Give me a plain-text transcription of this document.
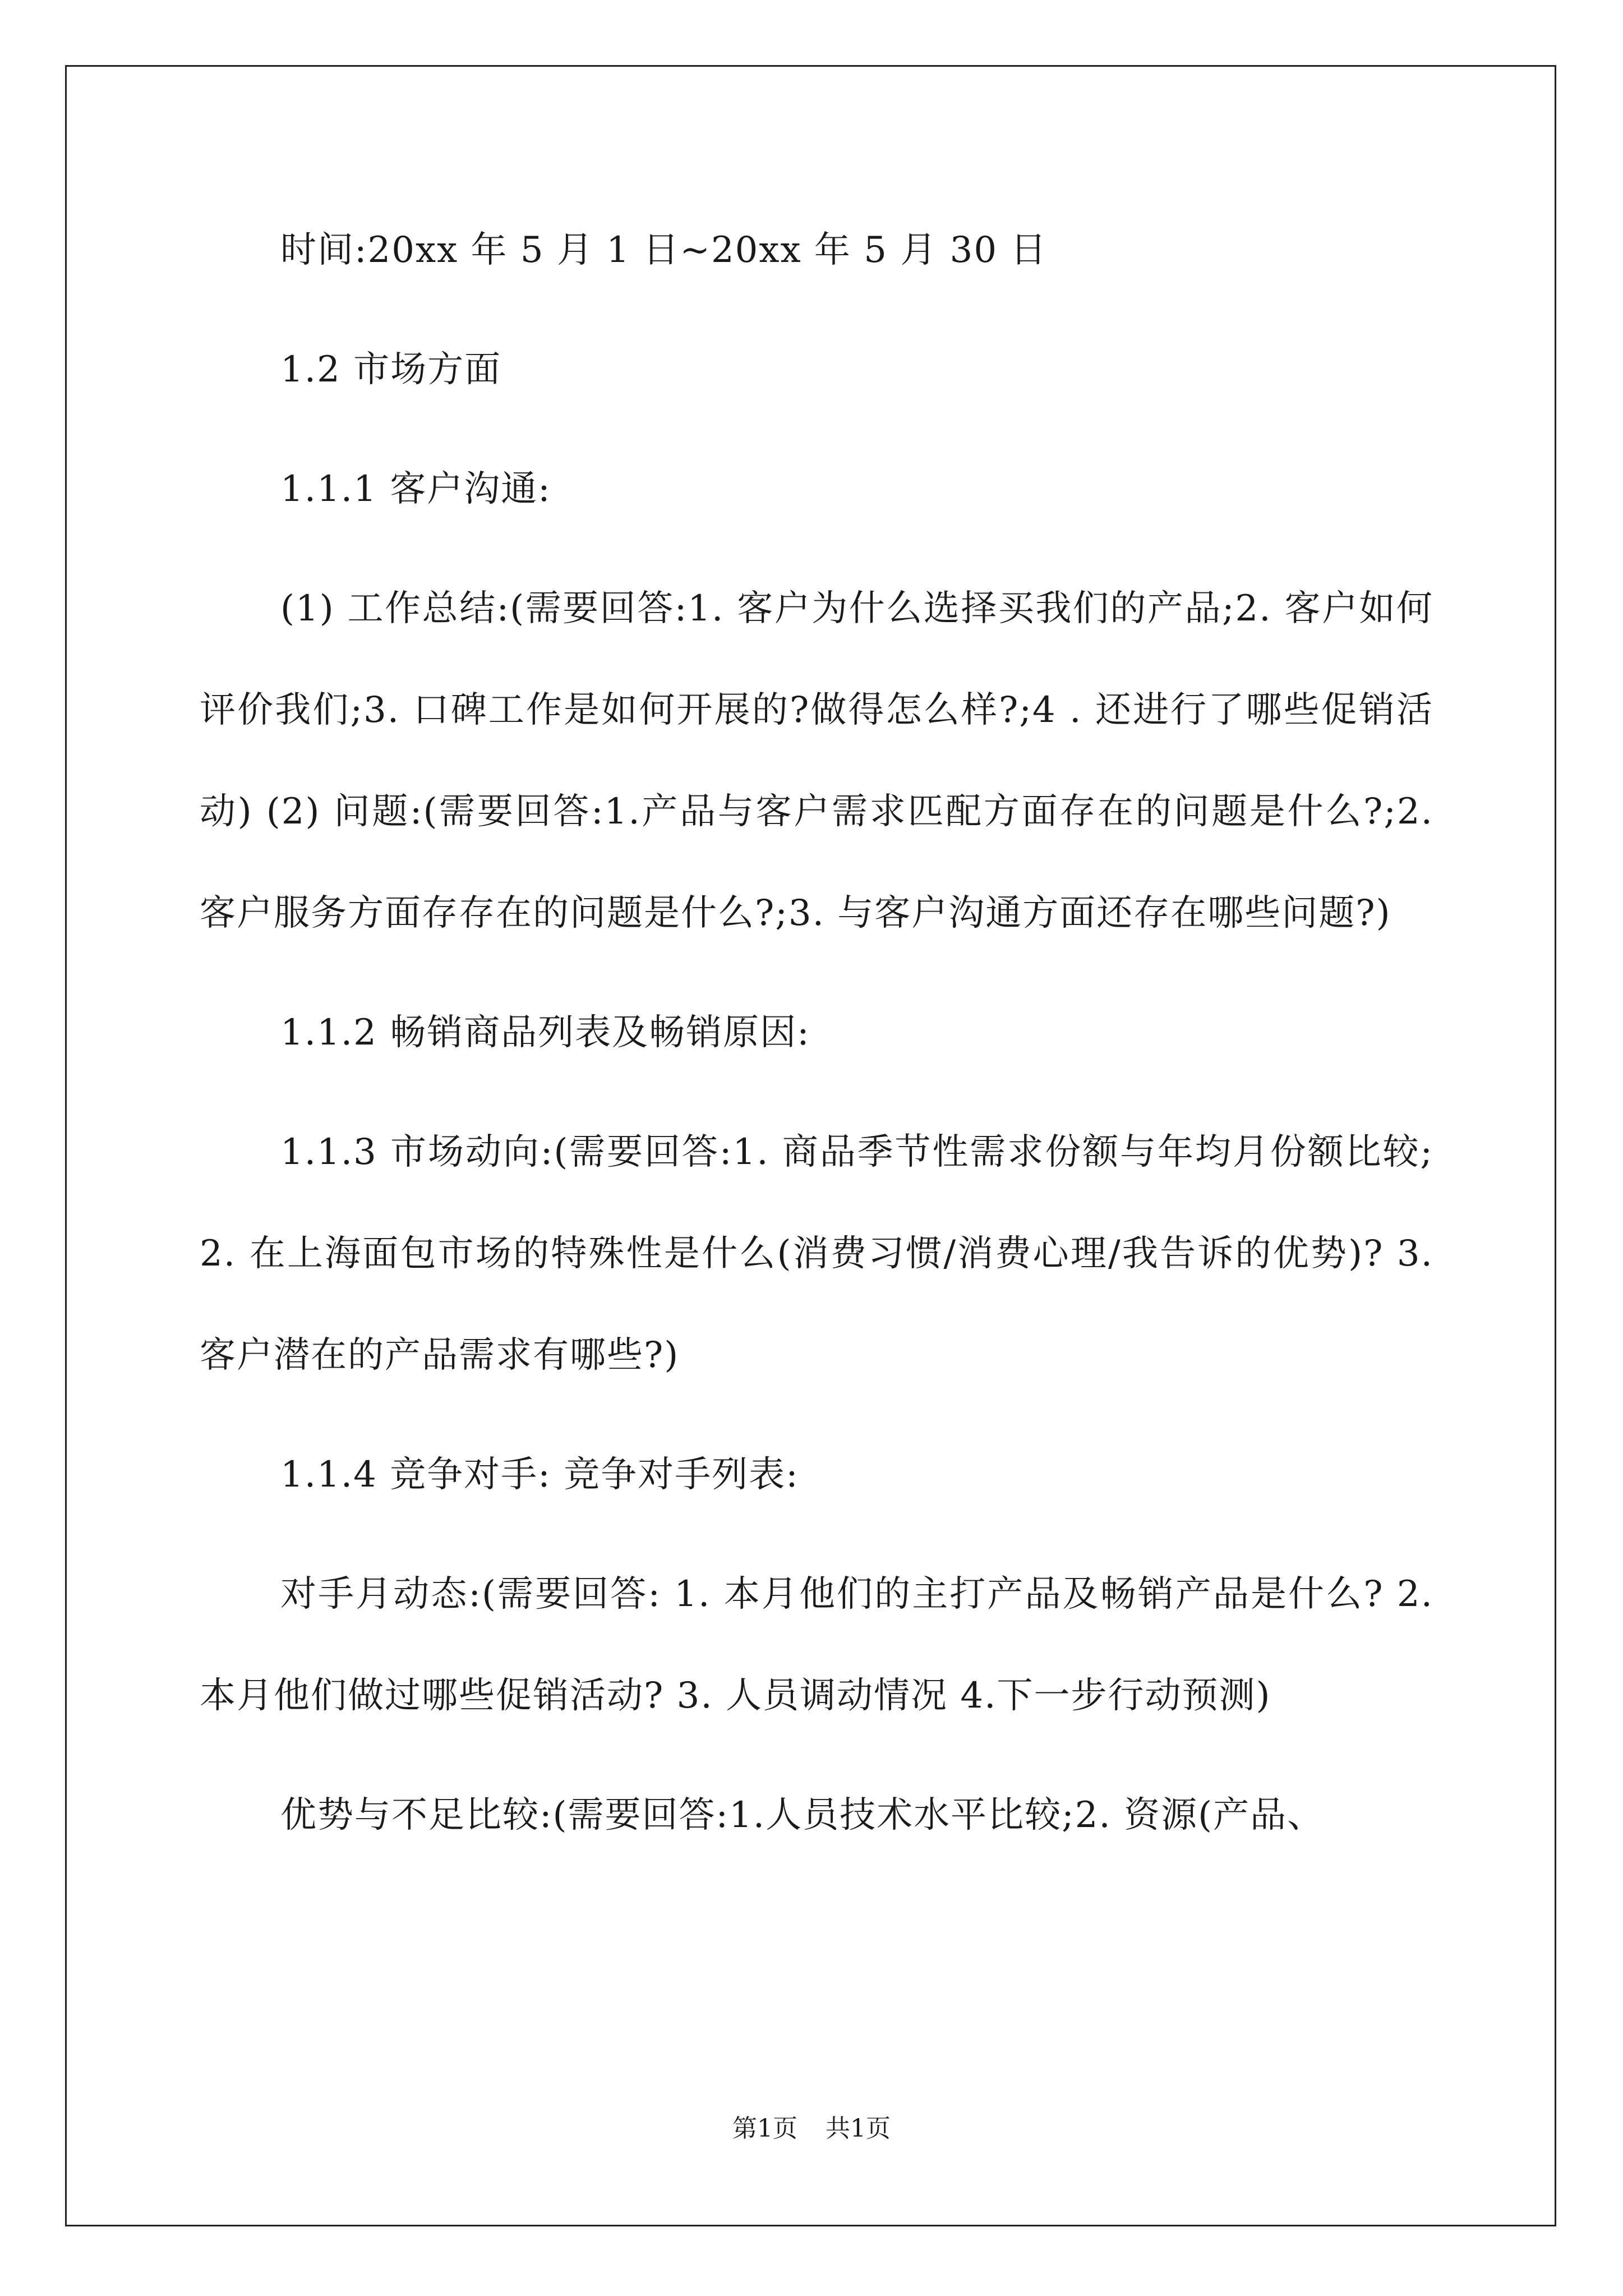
时间:20xx 年 5 月 1 日~20xx 年 5 月 30 日

1.2 市场方面

1.1.1 客户沟通:

(1) 工作总结:(需要回答:1. 客户为什么选择买我们的产品;2. 客户如何评价我们;3. 口碑工作是如何开展的?做得怎么样?;4 . 还进行了哪些促销活动) (2) 问题:(需要回答:1.产品与客户需求匹配方面存在的问题是什么?;2. 客户服务方面存存在的问题是什么?;3. 与客户沟通方面还存在哪些问题?)

1.1.2 畅销商品列表及畅销原因:

1.1.3 市场动向:(需要回答:1. 商品季节性需求份额与年均月份额比较; 2. 在上海面包市场的特殊性是什么(消费习惯/消费心理/我告诉的优势)? 3. 客户潜在的产品需求有哪些?)

1.1.4 竞争对手: 竞争对手列表:

对手月动态:(需要回答: 1. 本月他们的主打产品及畅销产品是什么? 2. 本月他们做过哪些促销活动? 3. 人员调动情况 4.下一步行动预测)

优势与不足比较:(需要回答:1.人员技术水平比较;2. 资源(产品、

第1页 共1页
